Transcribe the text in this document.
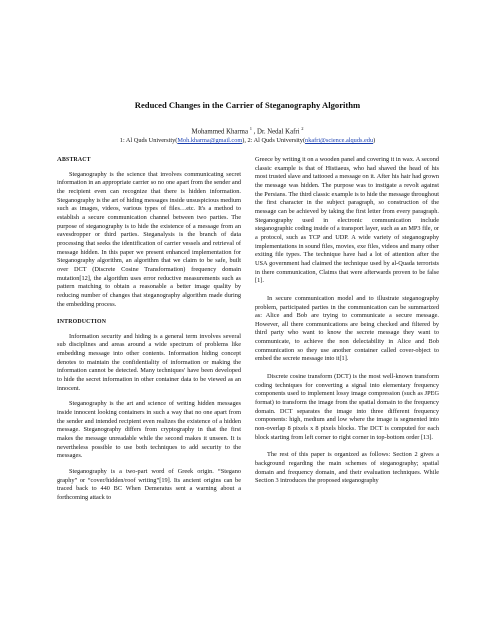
Reduced Changes in the Carrier of Steganography Algorithm
Mohammed Kharma $^1$ , Dr. Nedal Kafri $^2$
1: Al Quds University(Moh.kharma@gmail.com), 2: Al Quds University(nkafri@science.alquds.edu)
ABSTRACT

Steganography is the science that involves communicating secret information in an appropriate carrier so no one apart from the sender and the recipient even can recognize that there is hidden information. Steganography is the art of hiding messages inside unsuspicious medium such as images, videos, various types of files…etc. It's a method to establish a secure communication channel between two parties. The purpose of steganography is to hide the existence of a message from an eavesdropper or third parties. Steganalysis is the branch of data processing that seeks the identification of carrier vessels and retrieval of message hidden. In this paper we present enhanced implementation for Steganography algorithm, an algorithm that we claim to be safe, built over DCT (Discrete Cosine Transformation) frequency domain mutation[12], the algorithm uses error reductive measurements such as pattern matching to obtain a reasonable a better image quality by reducing number of changes that steganography algorithm made during the embedding process.

INTRODUCTION

Information security and hiding is a general term involves several sub disciplines and areas around a wide spectrum of problems like embedding message into other contents. Information hiding concept denotes to maintain the confidentiality of information or making the information cannot be detected. Many techniques' have been developed to hide the secret information in other container data to be viewed as an innocent.

Steganography is the art and science of writing hidden messages inside innocent looking containers in such a way that no one apart from the sender and intended recipient even realizes the existence of a hidden message. Steganography differs from cryptography in that the first makes the message unreadable while the second makes it unseen. It is nevertheless possible to use both techniques to add security to the messages.

Steganography is a two-part word of Greek origin. “Stegano graphy” or “cover/hidden/roof writing”[19]. Its ancient origins can be traced back to 440 BC When Demeratus sent a warning about a forthcoming attack to

Greece by writing it on a wooden panel and covering it in wax. A second classic example is that of Histiaeus, who had shaved the head of his most trusted slave and tattooed a message on it. After his hair had grown the message was hidden. The purpose was to instigate a revolt against the Persians. The third classic example is to hide the message throughout the first character in the subject paragraph, so construction of the message can be achieved by taking the first letter from every paragraph. Steganography used in electronic communication include steganographic coding inside of a transport layer, such as an MP3 file, or a protocol, such as TCP and UDP. A wide variety of steganography implementations in sound files, movies, exe files, videos and many other exiting file types. The technique have had a lot of attention after the USA government had claimed the technique used by al-Quada terrorists in there communication, Claims that were afterwards proven to be false [1].

In secure communication model and to illustrate steganography problem, participated parties in the communication can be summarized as: Alice and Bob are trying to communicate a secure message. However, all there communications are being checked and filtered by third party who want to know the secrete message they want to communicate, to achieve the non delectability in Alice and Bob communication so they use another container called cover-object to embed the secrete message into it[1].

Discrete cosine transform (DCT) is the most well-known transform coding techniques for converting a signal into elementary frequency components used to implement lossy image compression (such as JPEG format) to transform the image from the spatial domain to the frequency domain. DCT separates the image into three different frequency components: high, medium and low where the image is segmented into non-overlap 8 pixels x 8 pixels blocks. The DCT is computed for each block starting from left corner to right corner in top-bottom order [13].

The rest of this paper is organized as follows: Section 2 gives a background regarding the main schemes of steganography; spatial domain and frequency domain, and their evaluation techniques. While Section 3 introduces the proposed steganography
